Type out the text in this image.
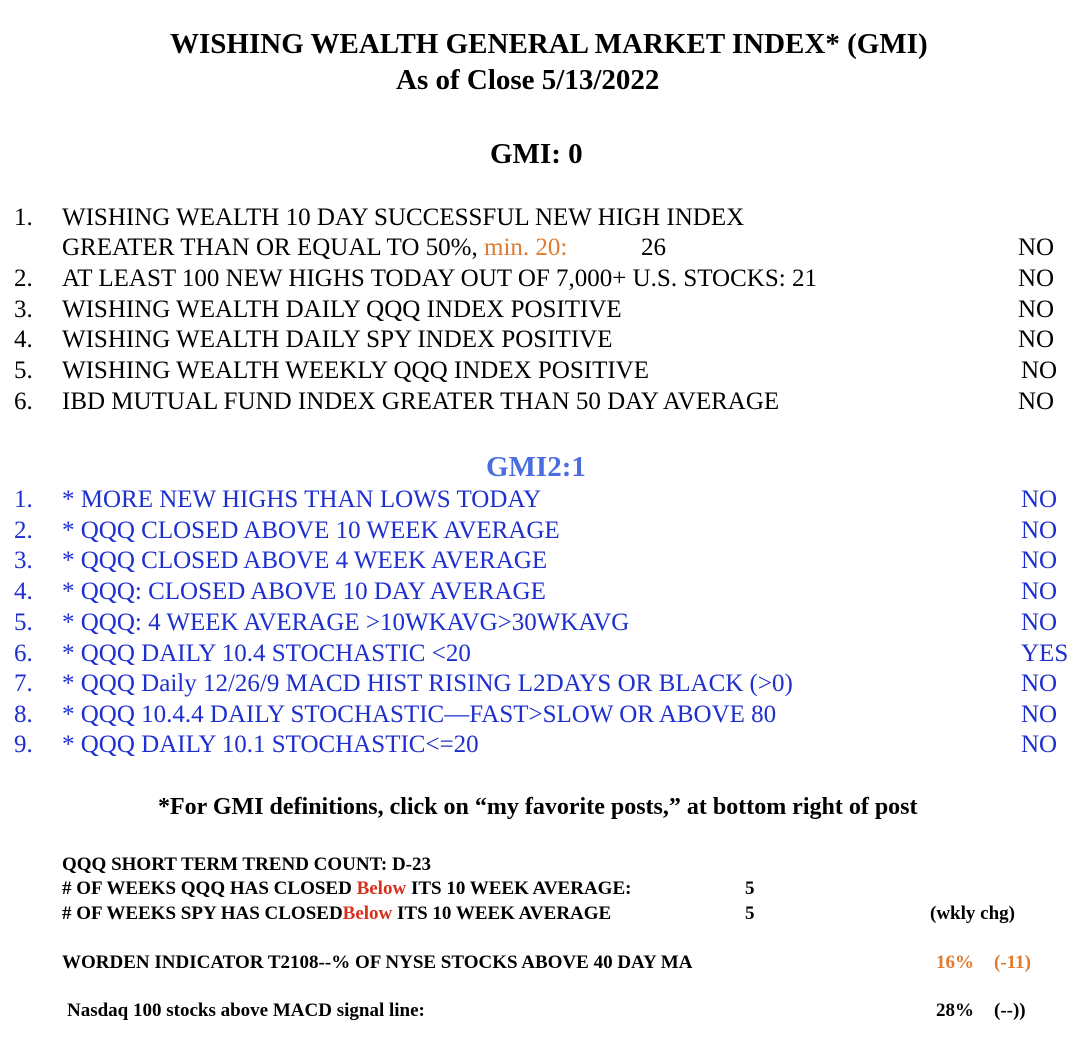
WISHING WEALTH GENERAL MARKET INDEX* (GMI)
As of Close 5/13/2022
GMI: 0
1. WISHING WEALTH 10 DAY SUCCESSFUL NEW HIGH INDEX
GREATER THAN OR EQUAL TO 50%, min. 20:	26	NO
2. AT LEAST 100 NEW HIGHS TODAY OUT OF 7,000+ U.S. STOCKS: 21	NO
3. WISHING WEALTH DAILY QQQ INDEX POSITIVE	NO
4. WISHING WEALTH DAILY SPY INDEX POSITIVE	NO
5. WISHING WEALTH WEEKLY QQQ INDEX POSITIVE	NO
6. IBD MUTUAL FUND INDEX GREATER THAN 50 DAY AVERAGE	NO
GMI2:1
1. * MORE NEW HIGHS THAN LOWS TODAY	NO
2. * QQQ CLOSED ABOVE 10 WEEK AVERAGE	NO
3. * QQQ CLOSED ABOVE 4 WEEK AVERAGE	NO
4. * QQQ: CLOSED ABOVE 10 DAY AVERAGE	NO
5. * QQQ: 4 WEEK AVERAGE >10WKAVG>30WKAVG	NO
6. * QQQ DAILY 10.4 STOCHASTIC <20	YES
7. * QQQ Daily 12/26/9 MACD HIST RISING L2DAYS OR BLACK (>0)	NO
8. * QQQ 10.4.4 DAILY STOCHASTIC—FAST>SLOW OR ABOVE 80	NO
9. * QQQ DAILY 10.1 STOCHASTIC<=20	NO
*For GMI definitions, click on “my favorite posts,” at bottom right of post
QQQ SHORT TERM TREND COUNT: D-23
# OF WEEKS QQQ HAS CLOSED Below ITS 10 WEEK AVERAGE:	5
# OF WEEKS SPY HAS CLOSEDBelow ITS 10 WEEK AVERAGE	5	(wkly chg)
WORDEN INDICATOR T2108--% OF NYSE STOCKS ABOVE 40 DAY MA	16% (-11)
Nasdaq 100 stocks above MACD signal line:	28% (--))
